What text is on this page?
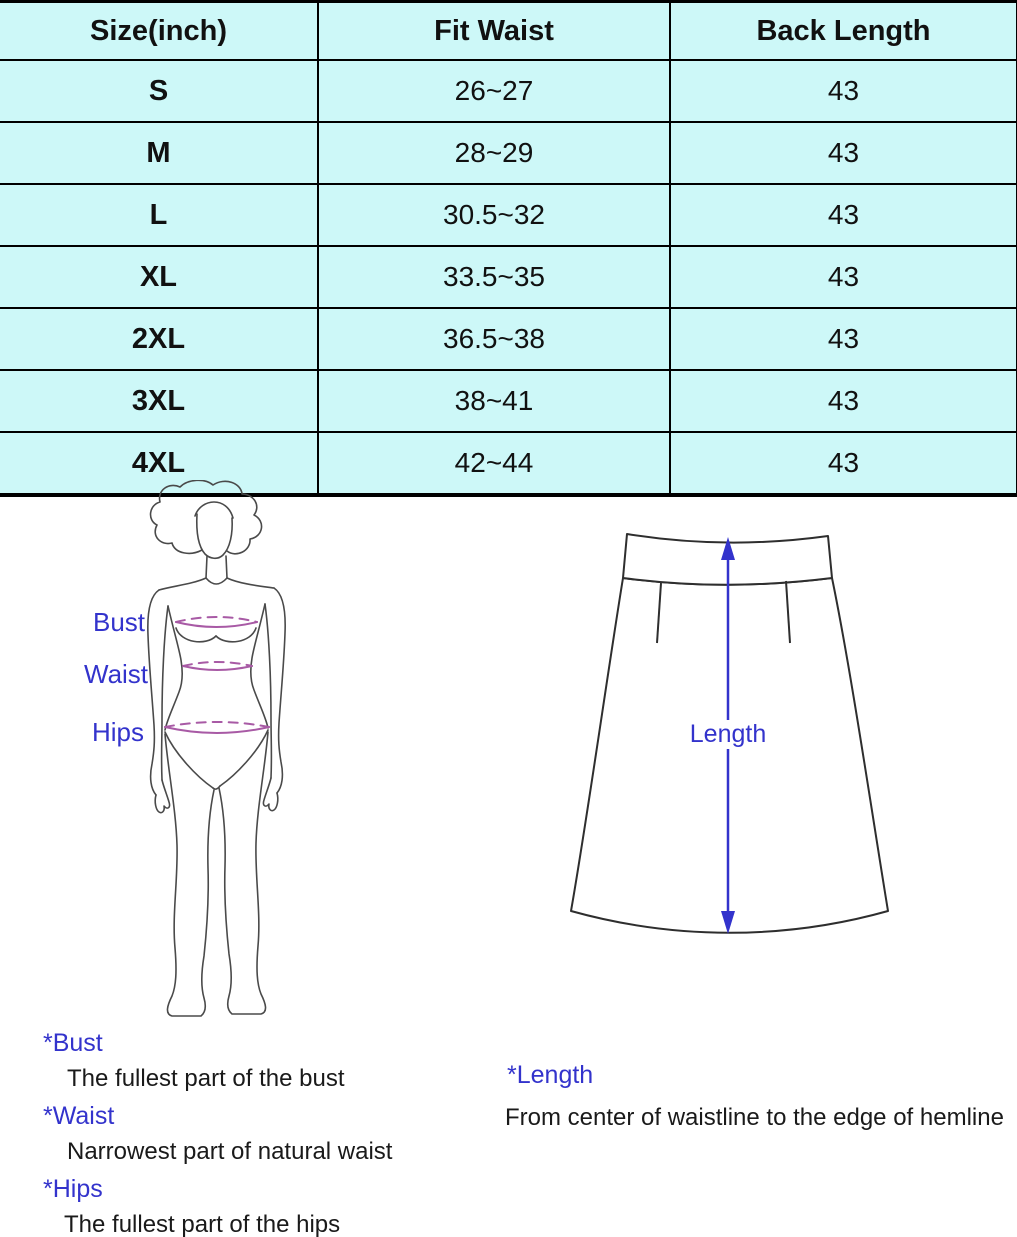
Size(inch)	Fit Waist	Back Length
S	26~27	43
M	28~29	43
L	30.5~32	43
XL	33.5~35	43
2XL	36.5~38	43
3XL	38~41	43
4XL	42~44	43
Bust
Waist
Hips	Length
*Bust
The fullest part of the bust
*Waist
Narrowest part of natural waist
*Hips
The fullest part of the hips
*Length
From center of waistline to the edge of hemline
